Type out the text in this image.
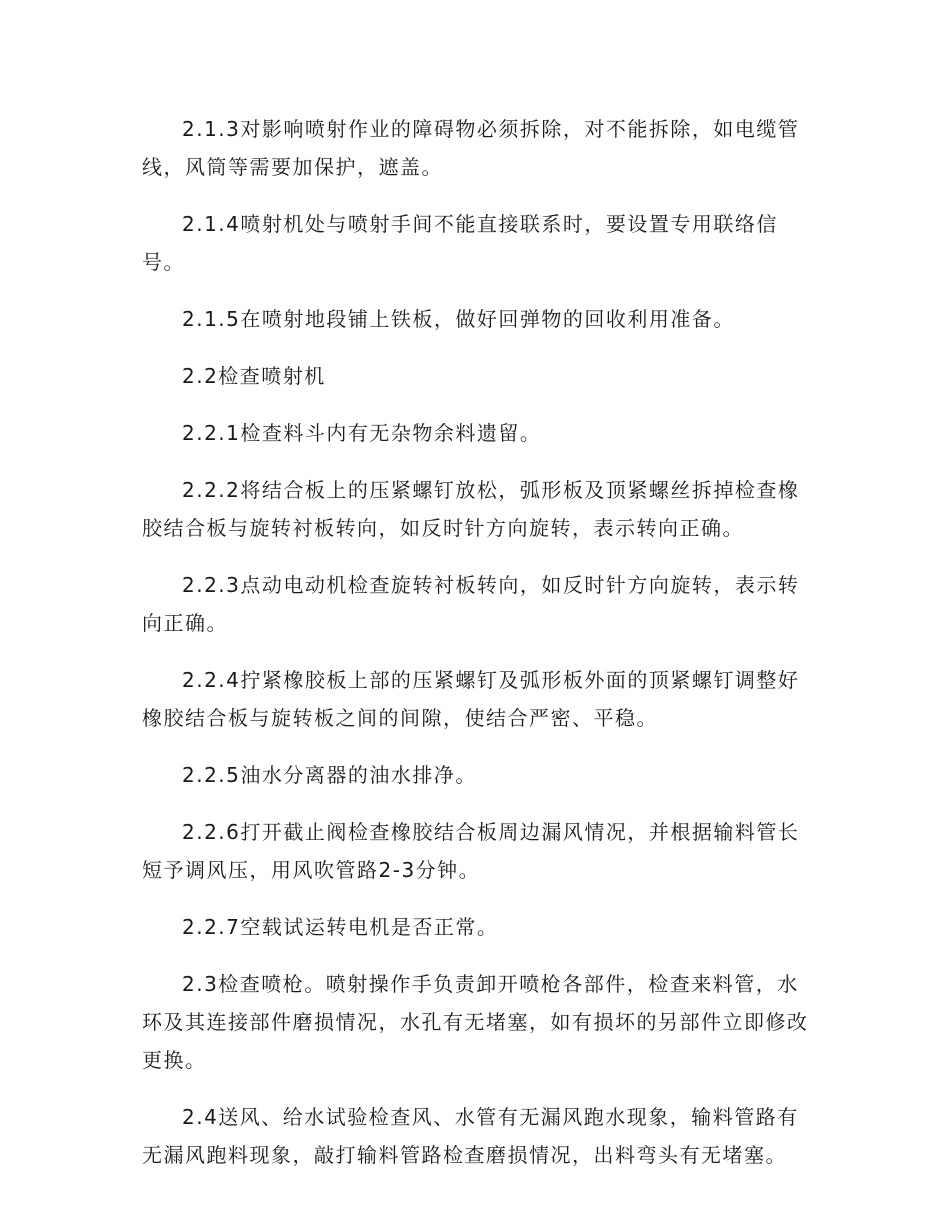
2.1.3对影响喷射作业的障碍物必须拆除，对不能拆除，如电缆管线，风筒等需要加保护，遮盖。

2.1.4喷射机处与喷射手间不能直接联系时，要设置专用联络信号。

2.1.5在喷射地段铺上铁板，做好回弹物的回收利用准备。

2.2检查喷射机

2.2.1检查料斗内有无杂物余料遗留。

2.2.2将结合板上的压紧螺钉放松，弧形板及顶紧螺丝拆掉检查橡胶结合板与旋转衬板转向，如反时针方向旋转，表示转向正确。

2.2.3点动电动机检查旋转衬板转向，如反时针方向旋转，表示转向正确。

2.2.4拧紧橡胶板上部的压紧螺钉及弧形板外面的顶紧螺钉调整好橡胶结合板与旋转板之间的间隙，使结合严密、平稳。

2.2.5油水分离器的油水排净。

2.2.6打开截止阀检查橡胶结合板周边漏风情况，并根据输料管长短予调风压，用风吹管路2-3分钟。

2.2.7空载试运转电机是否正常。

2.3检查喷枪。喷射操作手负责卸开喷枪各部件，检查来料管，水环及其连接部件磨损情况，水孔有无堵塞，如有损坏的另部件立即修改更换。

2.4送风、给水试验检查风、水管有无漏风跑水现象，输料管路有无漏风跑料现象，敲打输料管路检查磨损情况，出料弯头有无堵塞。
